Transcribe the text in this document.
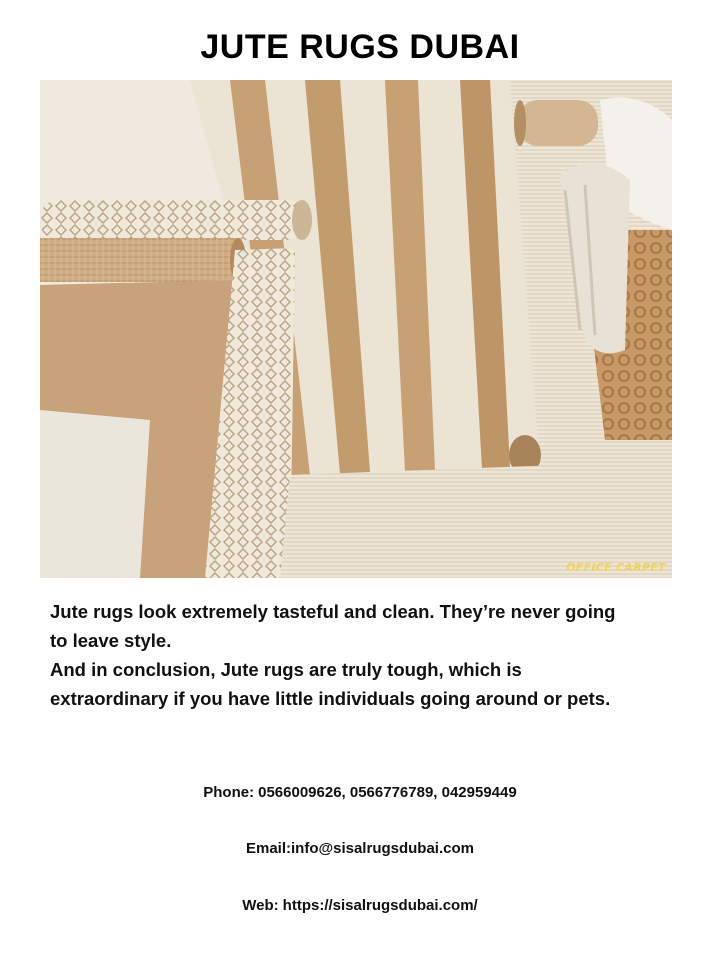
JUTE RUGS DUBAI
OFFICE CARPET
Jute rugs look extremely tasteful and clean. They’re never going
to leave style.
And in conclusion, Jute rugs are truly tough, which is
extraordinary if you have little individuals going around or pets.
Phone: 0566009626, 0566776789, 042959449
Email:info@sisalrugsdubai.com
Web: https://sisalrugsdubai.com/
